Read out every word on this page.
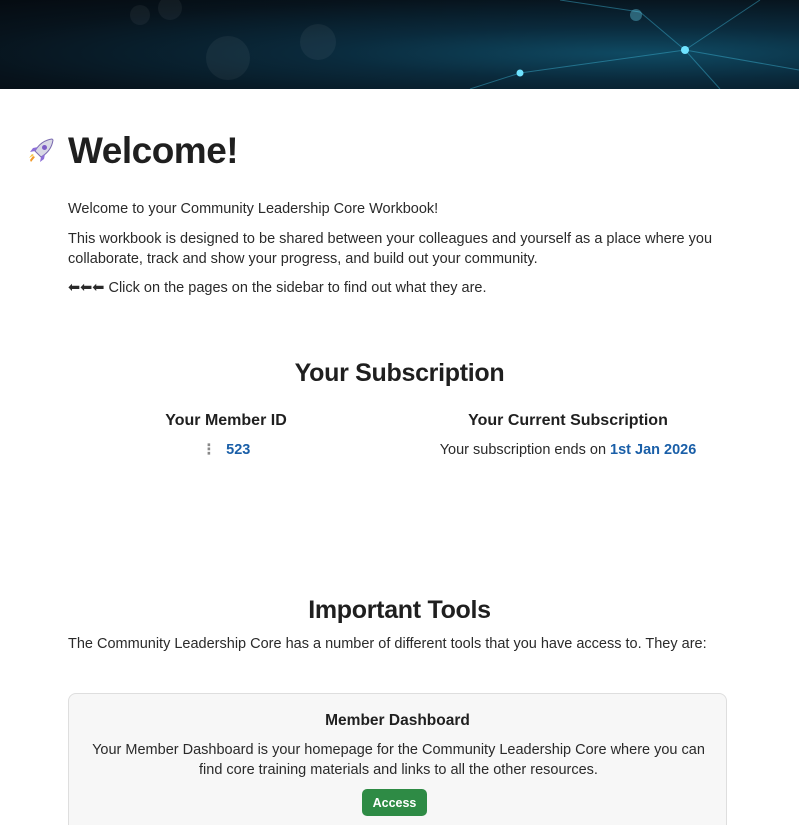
Welcome!

Welcome to your Community Leadership Core Workbook!

This workbook is designed to be shared between your colleagues and yourself as a place where you collaborate, track and show your progress, and build out your community.

⬅⬅⬅ Click on the pages on the sidebar to find out what they are.

Your Subscription
Your Member ID
⋮ 523
Your Current Subscription
Your subscription ends on 1st Jan 2026
Important Tools

The Community Leadership Core has a number of different tools that you have access to. They are:

Member Dashboard
Your Member Dashboard is your homepage for the Community Leadership Core where you can find core training materials and links to all the other resources.
Access
